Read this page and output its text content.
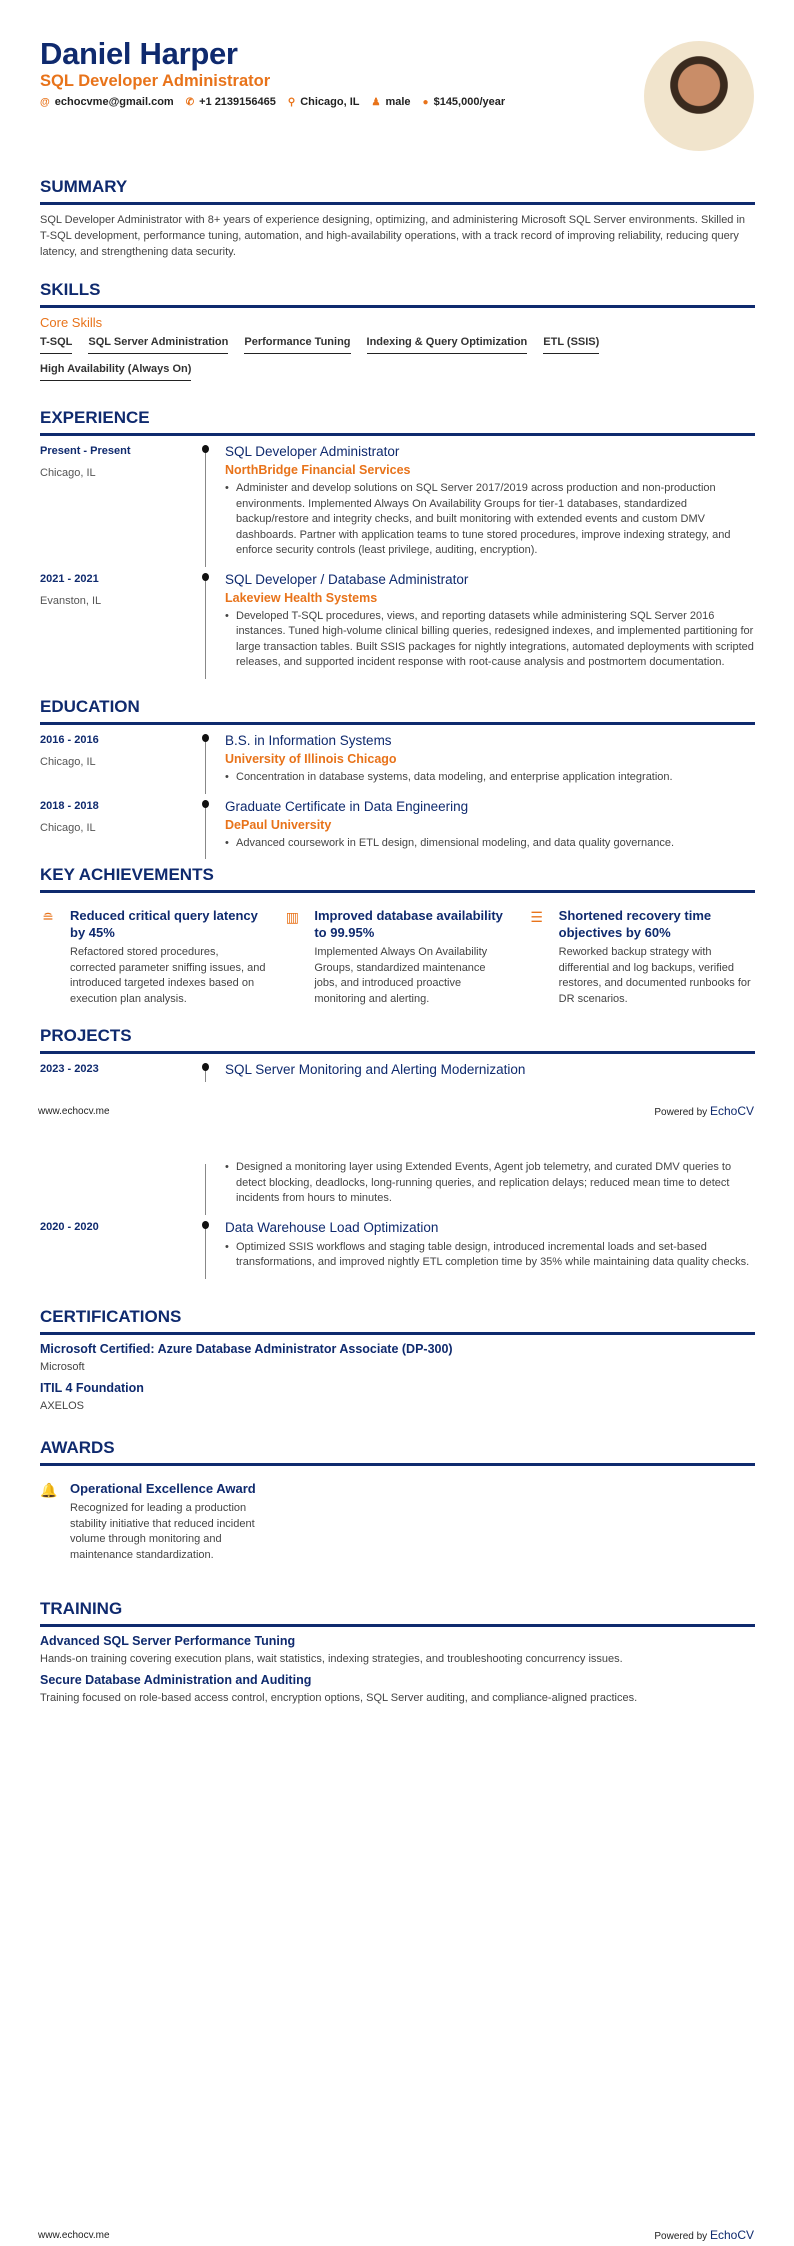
Daniel Harper
SQL Developer Administrator
@ echocvme@gmail.com ✆ +1 2139156465 ⚲ Chicago, IL ♟ male ● $145,000/year
SUMMARY

SQL Developer Administrator with 8+ years of experience designing, optimizing, and administering Microsoft SQL Server environments. Skilled in T-SQL development, performance tuning, automation, and high-availability operations, with a track record of improving reliability, reducing query latency, and strengthening data security.

SKILLS
Core Skills
T-SQL SQL Server Administration Performance Tuning Indexing & Query Optimization ETL (SSIS)
High Availability (Always On)
EXPERIENCE
Present - Present
Chicago, IL
SQL Developer Administrator
NorthBridge Financial Services
• Administer and develop solutions on SQL Server 2017/2019 across production and non-production environments. Implemented Always On Availability Groups for tier-1 databases, standardized backup/restore and integrity checks, and built monitoring with extended events and custom DMV dashboards. Partner with application teams to tune stored procedures, improve indexing strategy, and enforce security controls (least privilege, auditing, encryption).
2021 - 2021
Evanston, IL
SQL Developer / Database Administrator
Lakeview Health Systems
• Developed T-SQL procedures, views, and reporting datasets while administering SQL Server 2016 instances. Tuned high-volume clinical billing queries, redesigned indexes, and implemented partitioning for large transaction tables. Built SSIS packages for nightly integrations, automated deployments with scripted releases, and supported incident response with root-cause analysis and postmortem documentation.
EDUCATION
2016 - 2016
Chicago, IL
B.S. in Information Systems
University of Illinois Chicago
• Concentration in database systems, data modeling, and enterprise application integration.
2018 - 2018
Chicago, IL
Graduate Certificate in Data Engineering
DePaul University
• Advanced coursework in ETL design, dimensional modeling, and data quality governance.
KEY ACHIEVEMENTS
≘ Reduced critical query latency by 45%
Refactored stored procedures, corrected parameter sniffing issues, and introduced targeted indexes based on execution plan analysis.
▥ Improved database availability to 99.95%
Implemented Always On Availability Groups, standardized maintenance jobs, and introduced proactive monitoring and alerting.
☰ Shortened recovery time objectives by 60%
Reworked backup strategy with differential and log backups, verified restores, and documented runbooks for DR scenarios.
PROJECTS
2023 - 2023	SQL Server Monitoring and Alerting Modernization
www.echocv.me	Powered by EchoCV
• Designed a monitoring layer using Extended Events, Agent job telemetry, and curated DMV queries to detect blocking, deadlocks, long-running queries, and replication delays; reduced mean time to detect incidents from hours to minutes.
2020 - 2020	Data Warehouse Load Optimization
• Optimized SSIS workflows and staging table design, introduced incremental loads and set-based transformations, and improved nightly ETL completion time by 35% while maintaining data quality checks.
CERTIFICATIONS
Microsoft Certified: Azure Database Administrator Associate (DP-300)
Microsoft
ITIL 4 Foundation
AXELOS
AWARDS
🔔 Operational Excellence Award
Recognized for leading a production stability initiative that reduced incident volume through monitoring and maintenance standardization.
TRAINING
Advanced SQL Server Performance Tuning
Hands-on training covering execution plans, wait statistics, indexing strategies, and troubleshooting concurrency issues.
Secure Database Administration and Auditing
Training focused on role-based access control, encryption options, SQL Server auditing, and compliance-aligned practices.
www.echocv.me	Powered by EchoCV
